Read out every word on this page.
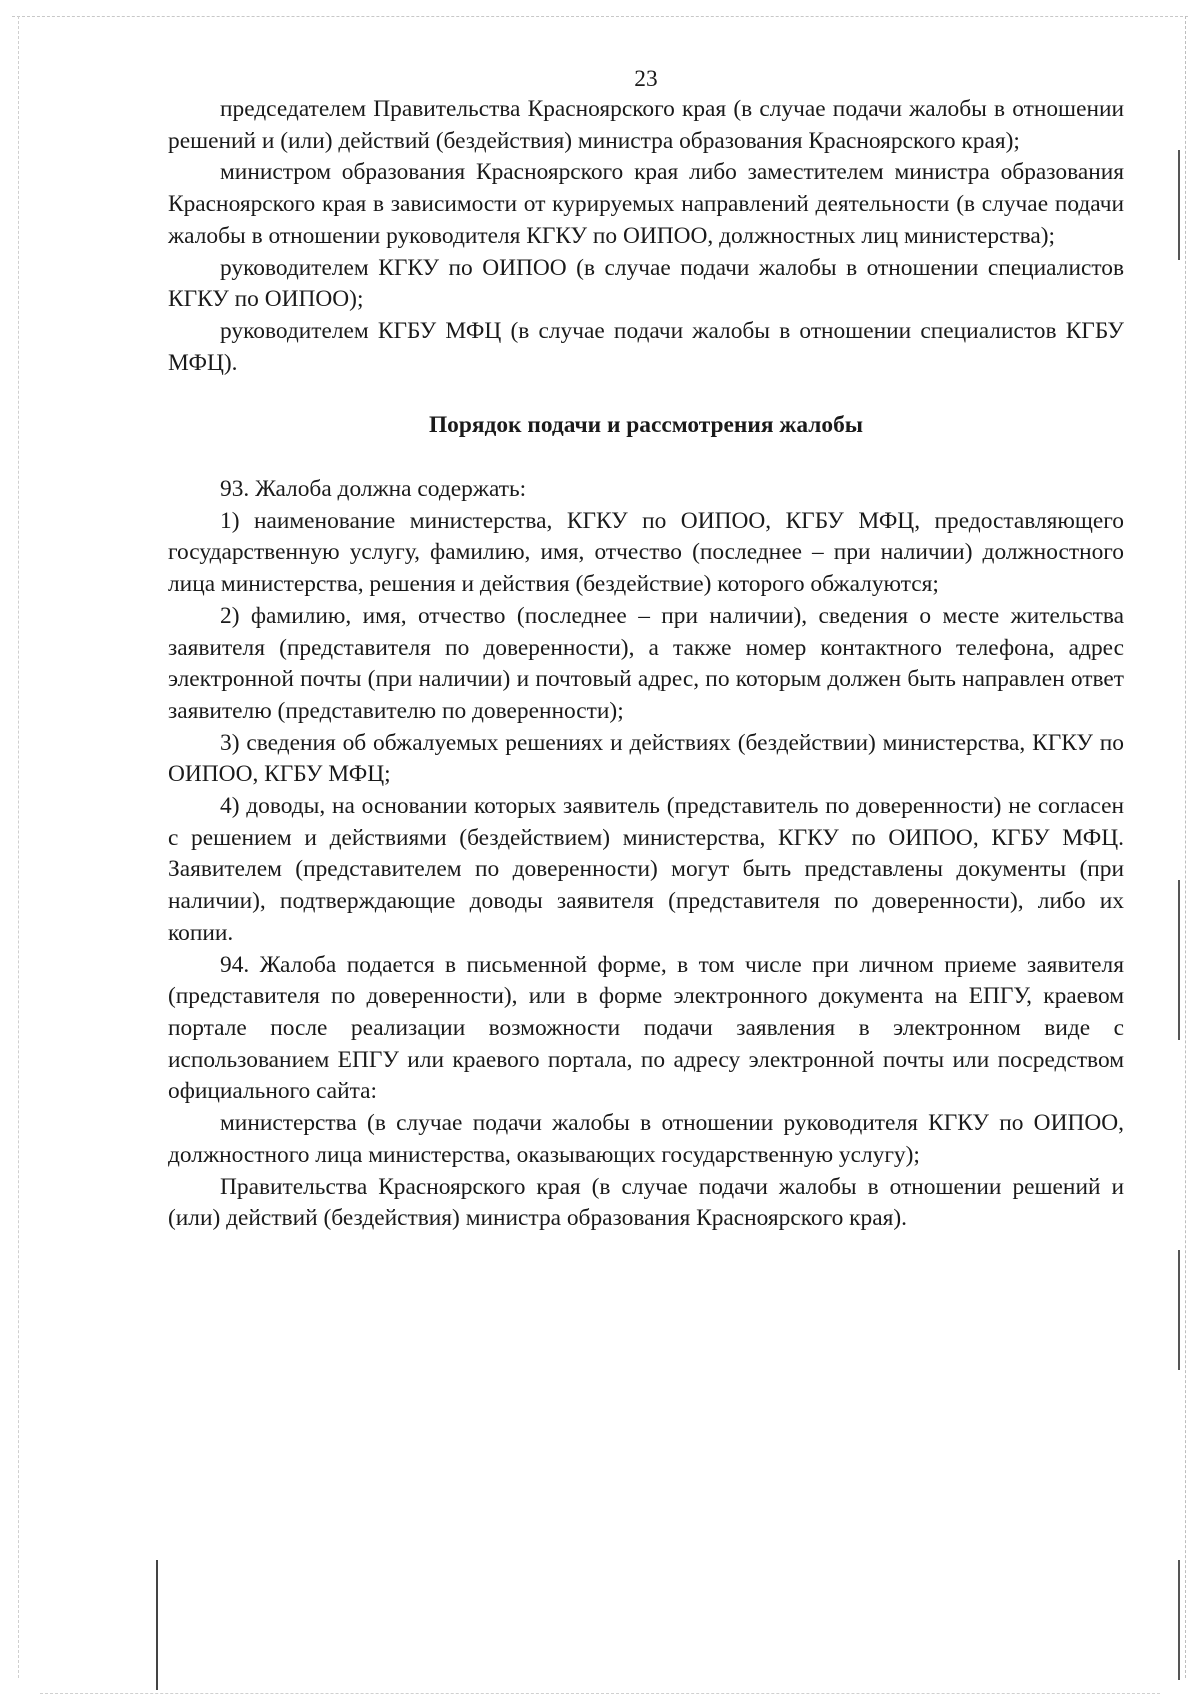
23

председателем Правительства Красноярского края (в случае подачи жалобы в отношении решений и (или) действий (бездействия) министра образования Красноярского края);

министром образования Красноярского края либо заместителем министра образования Красноярского края в зависимости от курируемых направлений деятельности (в случае подачи жалобы в отношении руководителя КГКУ по ОИПОО, должностных лиц министерства);

руководителем КГКУ по ОИПОО (в случае подачи жалобы в отношении специалистов КГКУ по ОИПОО);

руководителем КГБУ МФЦ (в случае подачи жалобы в отношении специалистов КГБУ МФЦ).

Порядок подачи и рассмотрения жалобы

93. Жалоба должна содержать:

1) наименование министерства, КГКУ по ОИПОО, КГБУ МФЦ, предоставляющего государственную услугу, фамилию, имя, отчество (последнее – при наличии) должностного лица министерства, решения и действия (бездействие) которого обжалуются;

2) фамилию, имя, отчество (последнее – при наличии), сведения о месте жительства заявителя (представителя по доверенности), а также номер контактного телефона, адрес электронной почты (при наличии) и почтовый адрес, по которым должен быть направлен ответ заявителю (представителю по доверенности);

3) сведения об обжалуемых решениях и действиях (бездействии) министерства, КГКУ по ОИПОО, КГБУ МФЦ;

4) доводы, на основании которых заявитель (представитель по доверенности) не согласен с решением и действиями (бездействием) министерства, КГКУ по ОИПОО, КГБУ МФЦ. Заявителем (представителем по доверенности) могут быть представлены документы (при наличии), подтверждающие доводы заявителя (представителя по доверенности), либо их копии.

94. Жалоба подается в письменной форме, в том числе при личном приеме заявителя (представителя по доверенности), или в форме электронного документа на ЕПГУ, краевом портале после реализации возможности подачи заявления в электронном виде с использованием ЕПГУ или краевого портала, по адресу электронной почты или посредством официального сайта:

министерства (в случае подачи жалобы в отношении руководителя КГКУ по ОИПОО, должностного лица министерства, оказывающих государственную услугу);

Правительства Красноярского края (в случае подачи жалобы в отношении решений и (или) действий (бездействия) министра образования Красноярского края).
